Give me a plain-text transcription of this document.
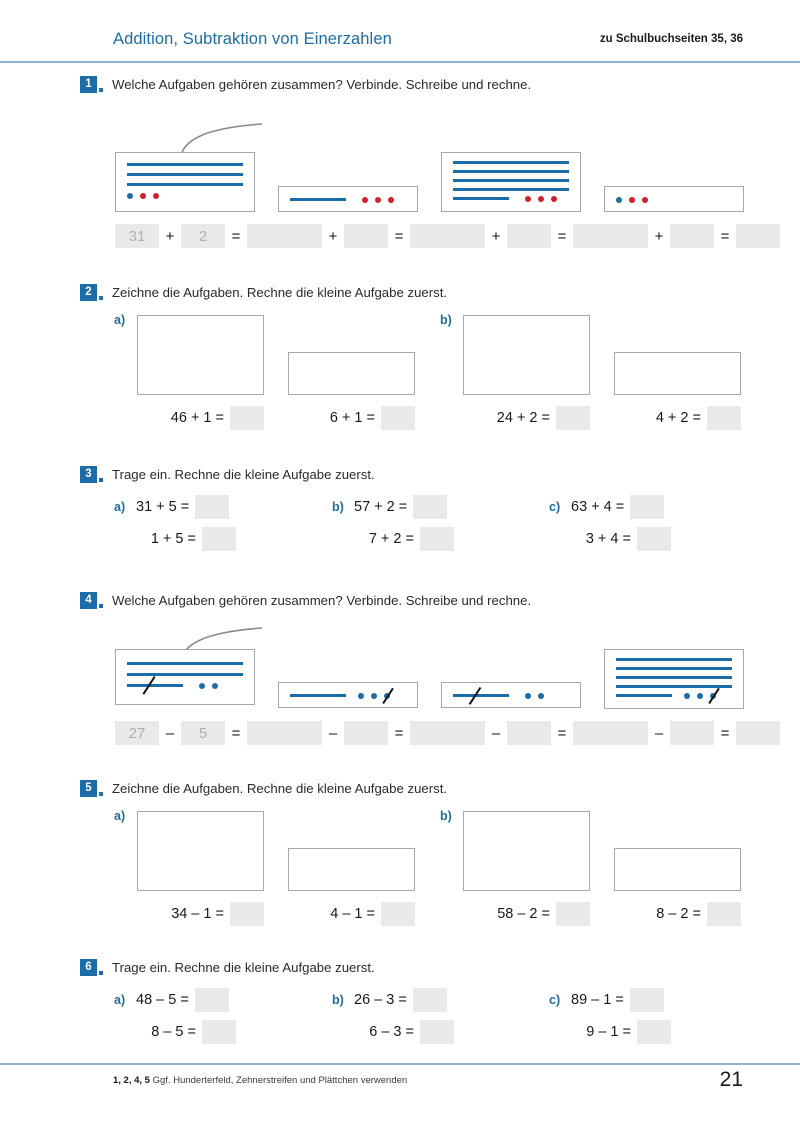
Addition, Subtraktion von Einerzahlen	zu Schulbuchseiten 35, 36
1	Welche Aufgaben gehören zusammen? Verbinde. Schreibe und rechne.
31	+	2	=	+	=	+	=	+	=
2	Zeichne die Aufgaben. Rechne die kleine Aufgabe zuerst.
a)
46 + 1 =	6 + 1 =
b)
24 + 2 =	4 + 2 =
3	Trage ein. Rechne die kleine Aufgabe zuerst.
a) 31 + 5 =
1 + 5 =
b) 57 + 2 =
7 + 2 =
c) 63 + 4 =
3 + 4 =
4	Welche Aufgaben gehören zusammen? Verbinde. Schreibe und rechne.
27	–	5	=	–	=	–	=	–	=
5	Zeichne die Aufgaben. Rechne die kleine Aufgabe zuerst.
a)
34 – 1 =	4 – 1 =
b)
58 – 2 =	8 – 2 =
6	Trage ein. Rechne die kleine Aufgabe zuerst.
a) 48 – 5 =
8 – 5 =
b) 26 – 3 =
6 – 3 =
c) 89 – 1 =
9 – 1 =
1, 2, 4, 5 Ggf. Hunderterfeld, Zehnerstreifen und Plättchen verwenden	21
